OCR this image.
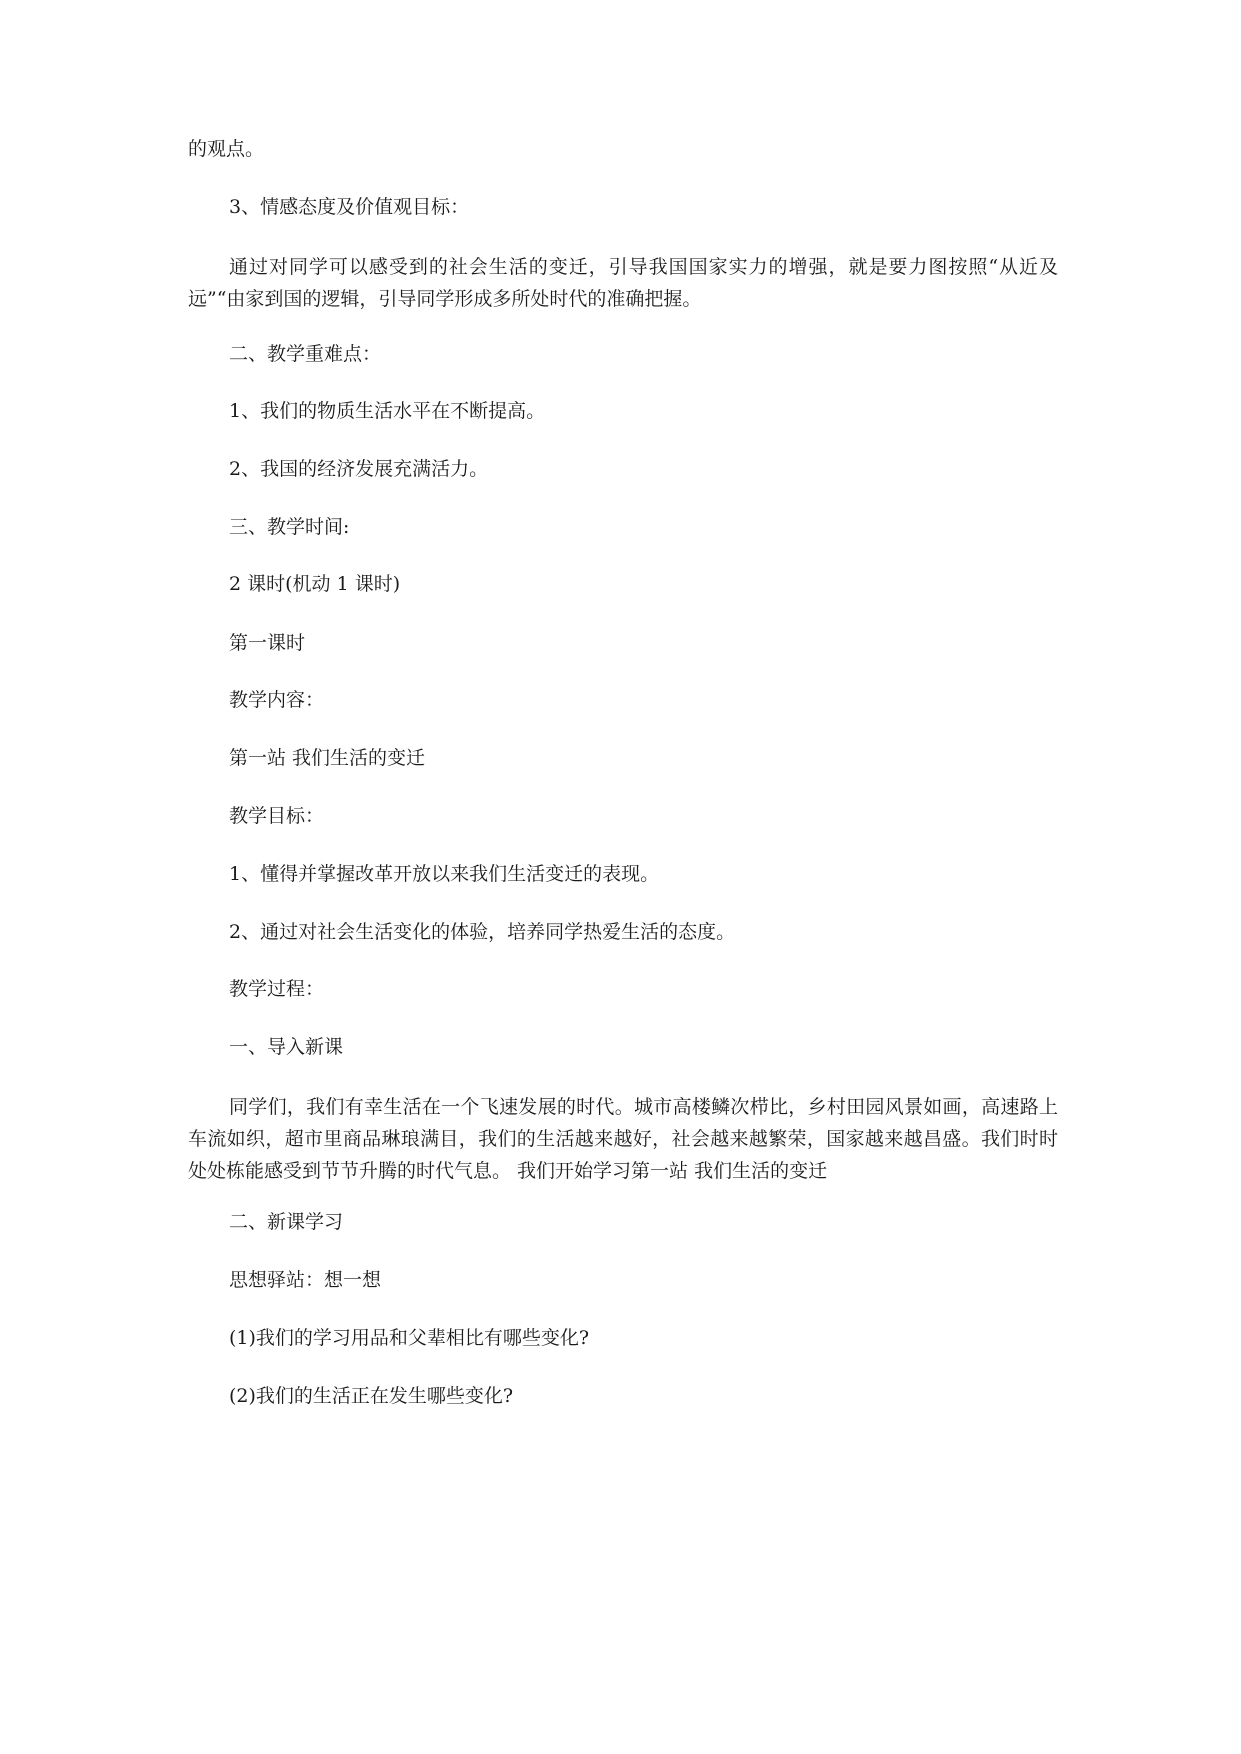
的观点。

3、情感态度及价值观目标：

通过对同学可以感受到的社会生活的变迁，引导我国国家实力的增强，就是要力图按照“从近及远”“由家到国的逻辑，引导同学形成多所处时代的准确把握。

二、教学重难点：

1、我们的物质生活水平在不断提高。

2、我国的经济发展充满活力。

三、教学时间:

2 课时(机动 1 课时)

第一课时

教学内容：

第一站 我们生活的变迁

教学目标：

1、懂得并掌握改革开放以来我们生活变迁的表现。

2、通过对社会生活变化的体验，培养同学热爱生活的态度。

教学过程：

一、导入新课

同学们，我们有幸生活在一个飞速发展的时代。城市高楼鳞次栉比，乡村田园风景如画，高速路上车流如织，超市里商品琳琅满目，我们的生活越来越好，社会越来越繁荣，国家越来越昌盛。我们时时处处栋能感受到节节升腾的时代气息。 我们开始学习第一站 我们生活的变迁

二、新课学习

思想驿站：想一想

(1)我们的学习用品和父辈相比有哪些变化?

(2)我们的生活正在发生哪些变化?
